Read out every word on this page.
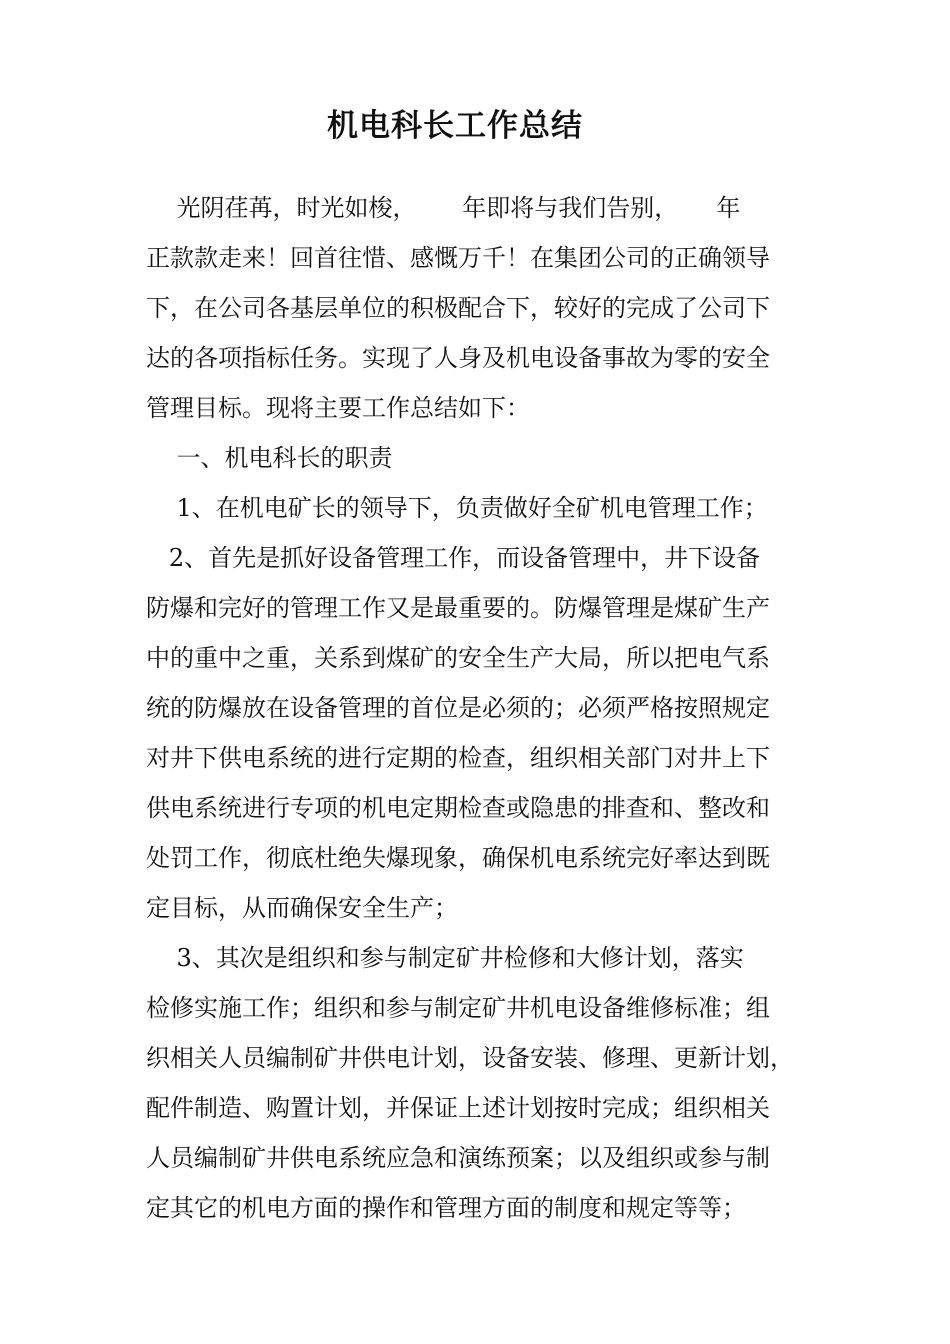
机电科长工作总结

光阴荏苒，时光如梭，      年即将与我们告别，     年

正款款走来！回首往惜、感慨万千！在集团公司的正确领导

下，在公司各基层单位的积极配合下，较好的完成了公司下

达的各项指标任务。实现了人身及机电设备事故为零的安全

管理目标。现将主要工作总结如下：

一、机电科长的职责

1、在机电矿长的领导下，负责做好全矿机电管理工作；

2、首先是抓好设备管理工作，而设备管理中，井下设备

防爆和完好的管理工作又是最重要的。防爆管理是煤矿生产

中的重中之重，关系到煤矿的安全生产大局，所以把电气系

统的防爆放在设备管理的首位是必须的；必须严格按照规定

对井下供电系统的进行定期的检查，组织相关部门对井上下

供电系统进行专项的机电定期检查或隐患的排查和、整改和

处罚工作，彻底杜绝失爆现象，确保机电系统完好率达到既

定目标，从而确保安全生产；

3、其次是组织和参与制定矿井检修和大修计划，落实

检修实施工作；组织和参与制定矿井机电设备维修标准；组

织相关人员编制矿井供电计划，设备安装、修理、更新计划，

配件制造、购置计划，并保证上述计划按时完成；组织相关

人员编制矿井供电系统应急和演练预案；以及组织或参与制

定其它的机电方面的操作和管理方面的制度和规定等等；
